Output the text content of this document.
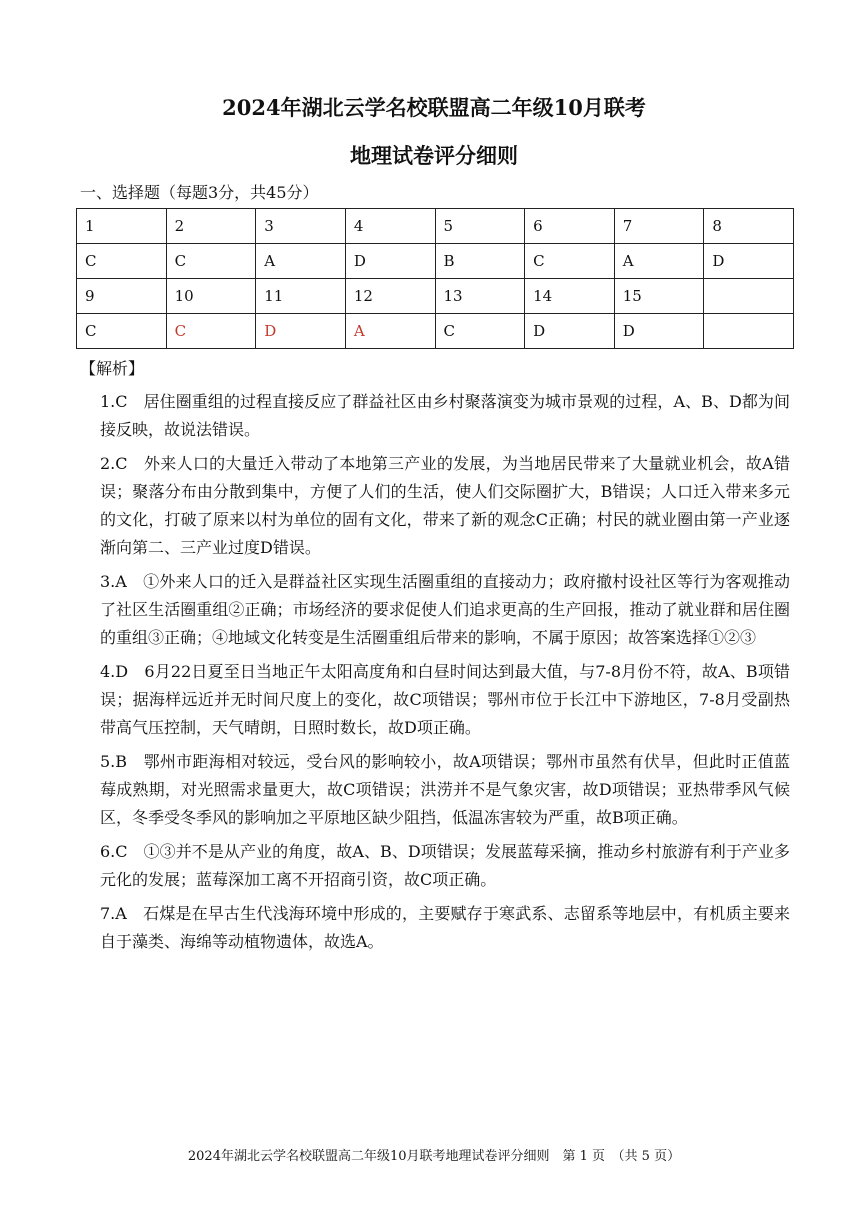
2024年湖北云学名校联盟高二年级10月联考
地理试卷评分细则
一、选择题（每题3分，共45分）
1	2	3	4	5	6	7	8
C	C	A	D	B	C	A	D
9	10	11	12	13	14	15	
C	C	D	A	C	D	D	
【解析】

1.C　居住圈重组的过程直接反应了群益社区由乡村聚落演变为城市景观的过程，A、B、D都为间接反映，故说法错误。

2.C　外来人口的大量迁入带动了本地第三产业的发展，为当地居民带来了大量就业机会，故A错误；聚落分布由分散到集中，方便了人们的生活，使人们交际圈扩大，B错误；人口迁入带来多元的文化，打破了原来以村为单位的固有文化，带来了新的观念C正确；村民的就业圈由第一产业逐渐向第二、三产业过度D错误。

3.A　①外来人口的迁入是群益社区实现生活圈重组的直接动力；政府撤村设社区等行为客观推动了社区生活圈重组②正确；市场经济的要求促使人们追求更高的生产回报，推动了就业群和居住圈的重组③正确；④地域文化转变是生活圈重组后带来的影响，不属于原因；故答案选择①②③

4.D　6月22日夏至日当地正午太阳高度角和白昼时间达到最大值，与7-8月份不符，故A、B项错误；据海样远近并无时间尺度上的变化，故C项错误；鄂州市位于长江中下游地区，7-8月受副热带高气压控制，天气晴朗，日照时数长，故D项正确。

5.B　鄂州市距海相对较远，受台风的影响较小，故A项错误；鄂州市虽然有伏旱，但此时正值蓝莓成熟期，对光照需求量更大，故C项错误；洪涝并不是气象灾害，故D项错误；亚热带季风气候区，冬季受冬季风的影响加之平原地区缺少阻挡，低温冻害较为严重，故B项正确。

6.C　①③并不是从产业的角度，故A、B、D项错误；发展蓝莓采摘，推动乡村旅游有利于产业多元化的发展；蓝莓深加工离不开招商引资，故C项正确。

7.A　石煤是在早古生代浅海环境中形成的，主要赋存于寒武系、志留系等地层中，有机质主要来自于藻类、海绵等动植物遗体，故选A。

2024年湖北云学名校联盟高二年级10月联考地理试卷评分细则　第 1 页　（共 5 页）
